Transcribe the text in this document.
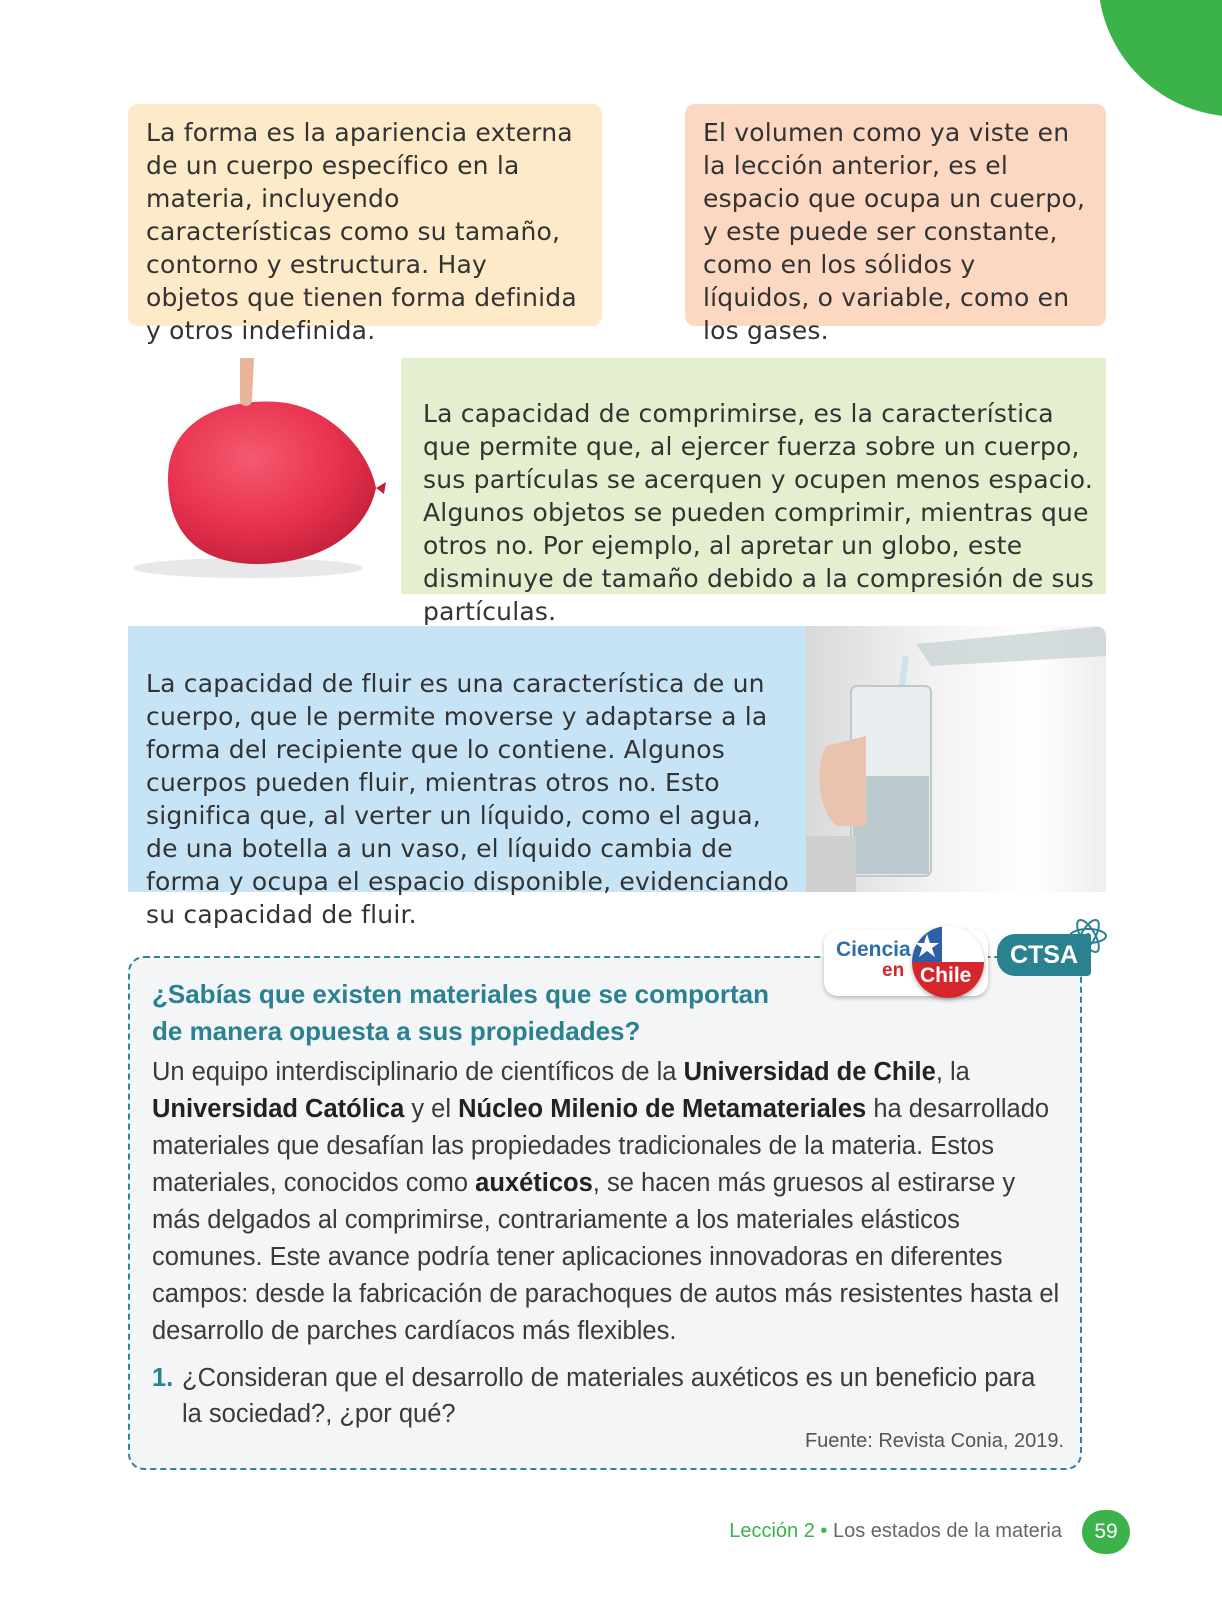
La forma es la apariencia externa de un cuerpo específico en la materia, incluyendo características como su tamaño, contorno y estructura. Hay objetos que tienen forma definida y otros indefinida.

El volumen como ya viste en la lección anterior, es el espacio que ocupa un cuerpo, y este puede ser constante, como en los sólidos y líquidos, o variable, como en los gases.

La capacidad de comprimirse, es la característica que permite que, al ejercer fuerza sobre un cuerpo, sus partículas se acerquen y ocupen menos espacio. Algunos objetos se pueden comprimir, mientras que otros no. Por ejemplo, al apretar un globo, este disminuye de tamaño debido a la compresión de sus partículas.

La capacidad de fluir es una característica de un cuerpo, que le permite moverse y adaptarse a la forma del recipiente que lo contiene. Algunos cuerpos pueden fluir, mientras otros no. Esto significa que, al verter un líquido, como el agua, de una botella a un vaso, el líquido cambia de forma y ocupa el espacio disponible, evidenciando su capacidad de fluir.

¿Sabías que existen materiales que se comportan de manera opuesta a sus propiedades?
Un equipo interdisciplinario de científicos de la Universidad de Chile, la Universidad Católica y el Núcleo Milenio de Metamateriales ha desarrollado materiales que desafían las propiedades tradicionales de la materia. Estos materiales, conocidos como auxéticos, se hacen más gruesos al estirarse y más delgados al comprimirse, contrariamente a los materiales elásticos comunes. Este avance podría tener aplicaciones innovadoras en diferentes campos: desde la fabricación de parachoques de autos más resistentes hasta el desarrollo de parches cardíacos más flexibles.
1. ¿Consideran que el desarrollo de materiales auxéticos es un beneficio para la sociedad?, ¿por qué?
Fuente: Revista Conia, 2019.
Ciencia
en Chile
CTSA
Lección 2 • Los estados de la materia	59
